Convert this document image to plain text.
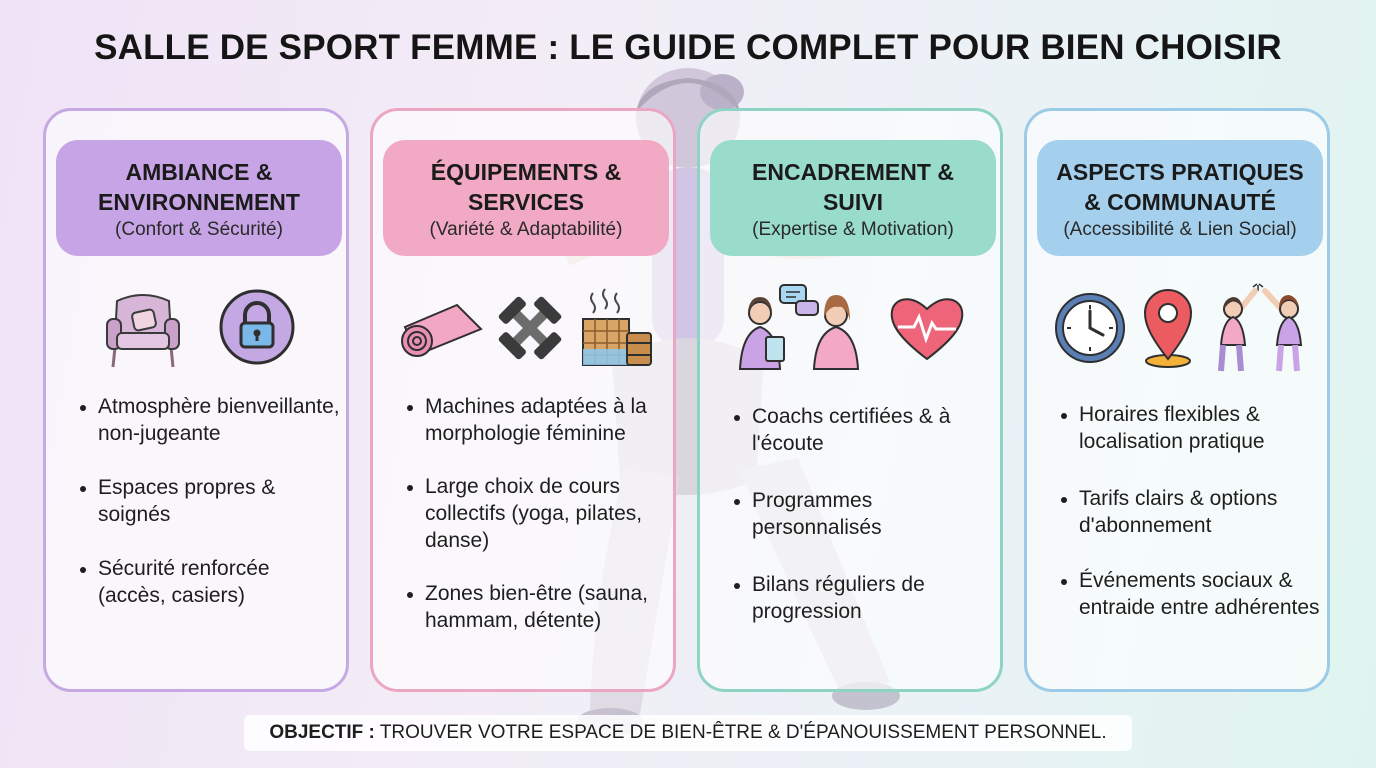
SALLE DE SPORT FEMME : LE GUIDE COMPLET POUR BIEN CHOISIR
AMBIANCE &
ENVIRONNEMENT
(Confort & Sécurité)
Atmosphère bienveillante, non-jugeante
Espaces propres & soignés
Sécurité renforcée (accès, casiers)
ÉQUIPEMENTS &
SERVICES
(Variété & Adaptabilité)
Machines adaptées à la morphologie féminine
Large choix de cours collectifs (yoga, pilates, danse)
Zones bien-être (sauna, hammam, détente)
ENCADREMENT &
SUIVI
(Expertise & Motivation)
Coachs certifiées & à l'écoute
Programmes personnalisés
Bilans réguliers de progression
ASPECTS PRATIQUES
& COMMUNAUTÉ
(Accessibilité & Lien Social)
Horaires flexibles & localisation pratique
Tarifs clairs & options d'abonnement
Événements sociaux & entraide entre adhérentes
OBJECTIF : TROUVER VOTRE ESPACE DE BIEN-ÊTRE & D'ÉPANOUISSEMENT PERSONNEL.
